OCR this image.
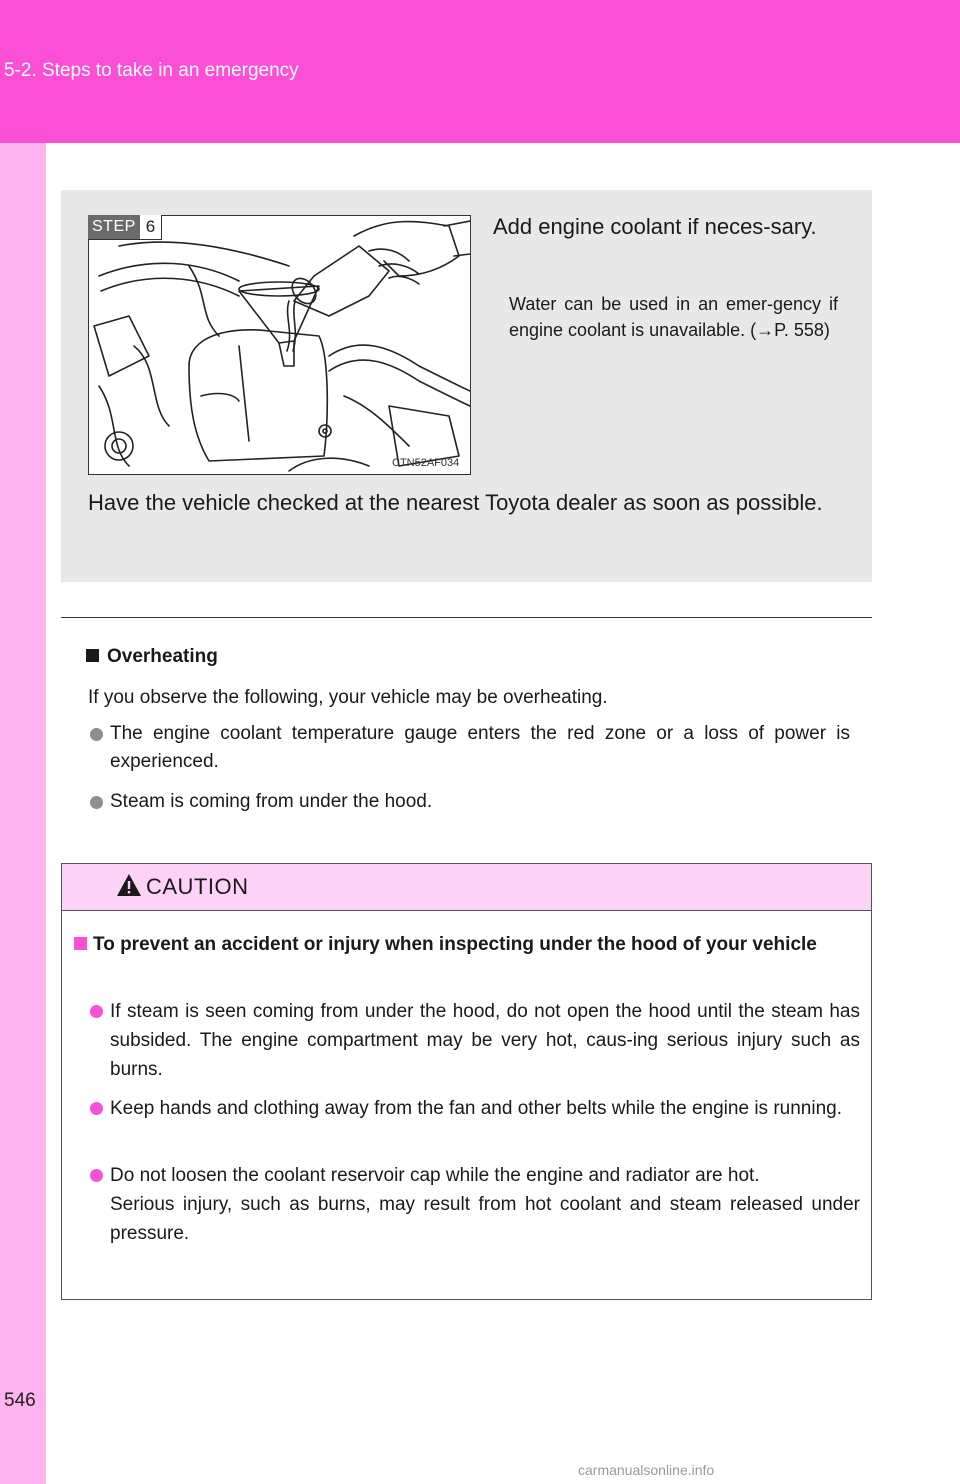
5-2. Steps to take in an emergency
STEP 6
CTN52AF034
Add engine coolant if neces-sary.
Water can be used in an emer-gency if engine coolant is unavailable. (→P. 558)
Have the vehicle checked at the nearest Toyota dealer as soon as possible.
Overheating
If you observe the following, your vehicle may be overheating.
The engine coolant temperature gauge enters the red zone or a loss of power is experienced.
Steam is coming from under the hood.
CAUTION
To prevent an accident or injury when inspecting under the hood of your vehicle
If steam is seen coming from under the hood, do not open the hood until the steam has subsided. The engine compartment may be very hot, caus-ing serious injury such as burns.
Keep hands and clothing away from the fan and other belts while the engine is running.
Do not loosen the coolant reservoir cap while the engine and radiator are hot.
Serious injury, such as burns, may result from hot coolant and steam released under pressure.
546
carmanualsonline.info
